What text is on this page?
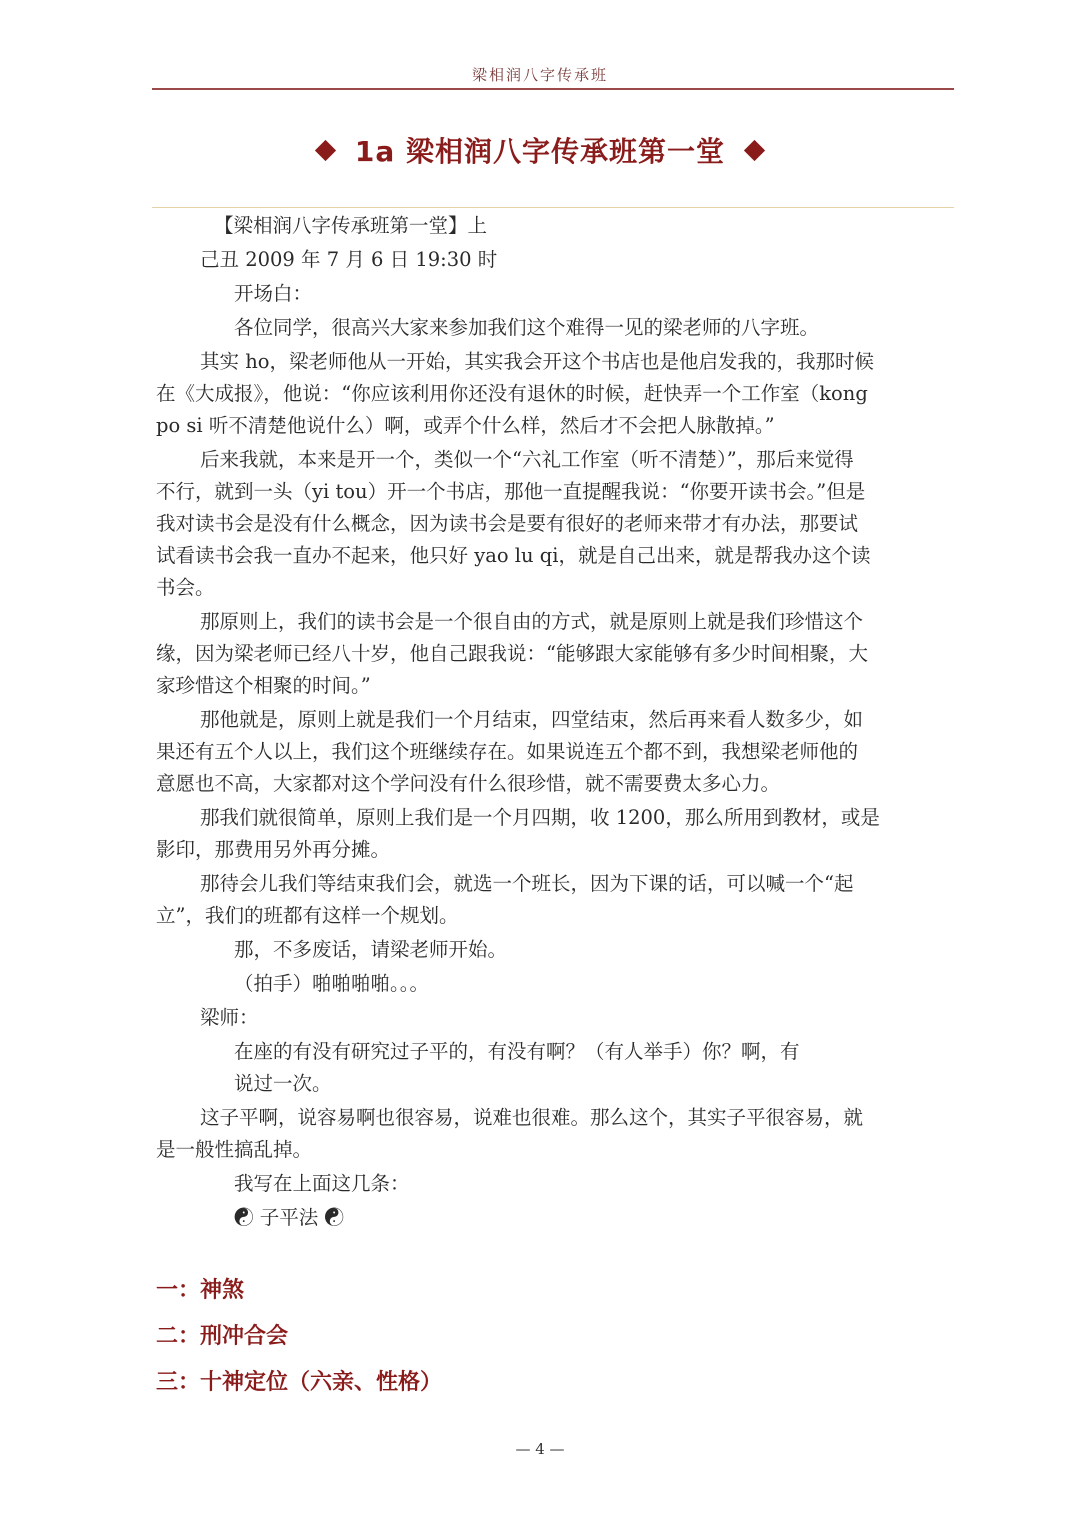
梁相润八字传承班
1a 梁相润八字传承班第一堂

【梁相润八字传承班第一堂】上

己丑 2009 年 7 月 6 日 19:30 时

开场白：

各位同学，很高兴大家来参加我们这个难得一见的梁老师的八字班。

其实 ho，梁老师他从一开始，其实我会开这个书店也是他启发我的，我那时候
在《大成报》，他说：“你应该利用你还没有退休的时候，赶快弄一个工作室（kong
po si 听不清楚他说什么）啊，或弄个什么样，然后才不会把人脉散掉。”

后来我就，本来是开一个，类似一个“六礼工作室（听不清楚）”，那后来觉得
不行，就到一头（yi tou）开一个书店，那他一直提醒我说：“你要开读书会。”但是
我对读书会是没有什么概念，因为读书会是要有很好的老师来带才有办法，那要试
试看读书会我一直办不起来，他只好 yao lu qi，就是自己出来，就是帮我办这个读
书会。

那原则上，我们的读书会是一个很自由的方式，就是原则上就是我们珍惜这个
缘，因为梁老师已经八十岁，他自己跟我说：“能够跟大家能够有多少时间相聚，大
家珍惜这个相聚的时间。”

那他就是，原则上就是我们一个月结束，四堂结束，然后再来看人数多少，如
果还有五个人以上，我们这个班继续存在。如果说连五个都不到，我想梁老师他的
意愿也不高，大家都对这个学问没有什么很珍惜，就不需要费太多心力。

那我们就很简单，原则上我们是一个月四期，收 1200，那么所用到教材，或是
影印，那费用另外再分摊。

那待会儿我们等结束我们会，就选一个班长，因为下课的话，可以喊一个“起
立”，我们的班都有这样一个规划。

那，不多废话，请梁老师开始。

（拍手）啪啪啪啪。。。

梁师：

在座的有没有研究过子平的，有没有啊？（有人举手）你？啊，有
说过一次。

这子平啊，说容易啊也很容易，说难也很难。那么这个，其实子平很容易，就
是一般性搞乱掉。

我写在上面这几条：

☯ 子平法 ☯

一：神煞

二：刑冲合会

三：十神定位（六亲、性格）

— 4 —
